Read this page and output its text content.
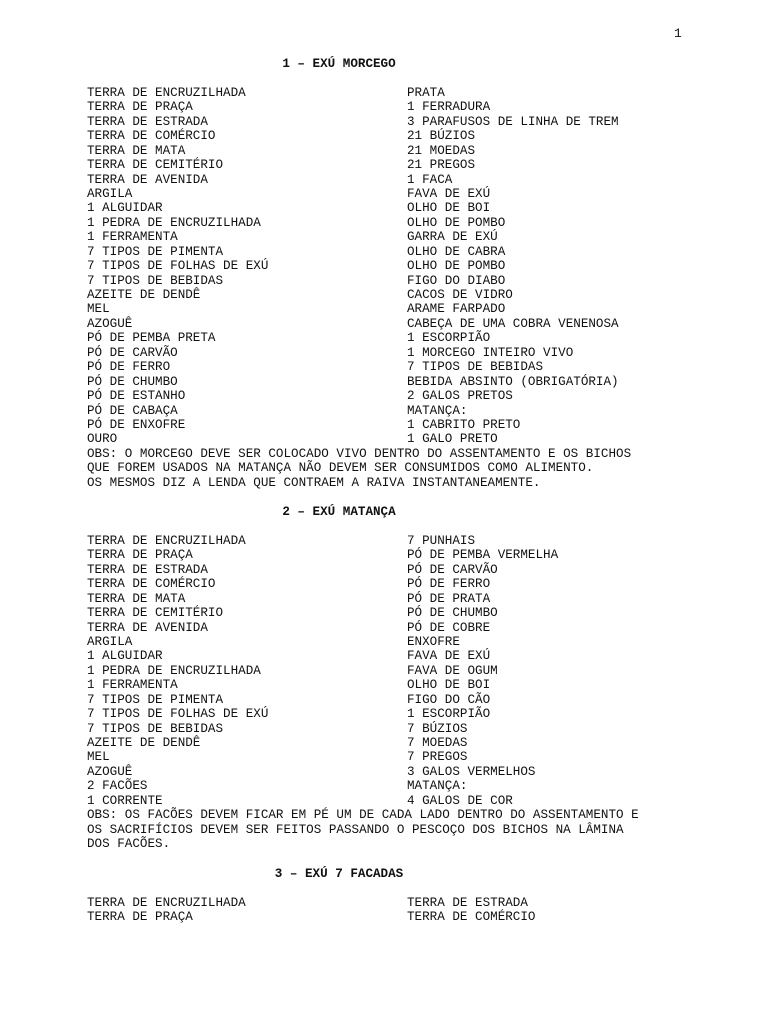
1
1 – EXÚ MORCEGO
TERRA DE ENCRUZILHADA
TERRA DE PRAÇA
TERRA DE ESTRADA
TERRA DE COMÉRCIO
TERRA DE MATA
TERRA DE CEMITÉRIO
TERRA DE AVENIDA
ARGILA
1 ALGUIDAR
1 PEDRA DE ENCRUZILHADA
1 FERRAMENTA
7 TIPOS DE PIMENTA
7 TIPOS DE FOLHAS DE EXÚ
7 TIPOS DE BEBIDAS
AZEITE DE DENDÊ
MEL
AZOGUÊ
PÓ DE PEMBA PRETA
PÓ DE CARVÃO
PÓ DE FERRO
PÓ DE CHUMBO
PÓ DE ESTANHO
PÓ DE CABAÇA
PÓ DE ENXOFRE
OURO
PRATA
1 FERRADURA
3 PARAFUSOS DE LINHA DE TREM
21 BÚZIOS
21 MOEDAS
21 PREGOS
1 FACA
FAVA DE EXÚ
OLHO DE BOI
OLHO DE POMBO
GARRA DE EXÚ
OLHO DE CABRA
OLHO DE POMBO
FIGO DO DIABO
CACOS DE VIDRO
ARAME FARPADO
CABEÇA DE UMA COBRA VENENOSA
1 ESCORPIÃO
1 MORCEGO INTEIRO VIVO
7 TIPOS DE BEBIDAS
BEBIDA ABSINTO (OBRIGATÓRIA)
2 GALOS PRETOS
MATANÇA:
1 CABRITO PRETO
1 GALO PRETO
OBS: O MORCEGO DEVE SER COLOCADO VIVO DENTRO DO ASSENTAMENTO E OS BICHOS
QUE FOREM USADOS NA MATANÇA NÃO DEVEM SER CONSUMIDOS COMO ALIMENTO.
OS MESMOS DIZ A LENDA QUE CONTRAEM A RAIVA INSTANTANEAMENTE.
2 – EXÚ MATANÇA
TERRA DE ENCRUZILHADA
TERRA DE PRAÇA
TERRA DE ESTRADA
TERRA DE COMÉRCIO
TERRA DE MATA
TERRA DE CEMITÉRIO
TERRA DE AVENIDA
ARGILA
1 ALGUIDAR
1 PEDRA DE ENCRUZILHADA
1 FERRAMENTA
7 TIPOS DE PIMENTA
7 TIPOS DE FOLHAS DE EXÚ
7 TIPOS DE BEBIDAS
AZEITE DE DENDÊ
MEL
AZOGUÊ
2 FACÕES
1 CORRENTE
7 PUNHAIS
PÓ DE PEMBA VERMELHA
PÓ DE CARVÃO
PÓ DE FERRO
PÓ DE PRATA
PÓ DE CHUMBO
PÓ DE COBRE
ENXOFRE
FAVA DE EXÚ
FAVA DE OGUM
OLHO DE BOI
FIGO DO CÃO
1 ESCORPIÃO
7 BÚZIOS
7 MOEDAS
7 PREGOS
3 GALOS VERMELHOS
MATANÇA:
4 GALOS DE COR
OBS: OS FACÕES DEVEM FICAR EM PÉ UM DE CADA LADO DENTRO DO ASSENTAMENTO E
OS SACRIFÍCIOS DEVEM SER FEITOS PASSANDO O PESCOÇO DOS BICHOS NA LÂMINA
DOS FACÕES.
3 – EXÚ 7 FACADAS
TERRA DE ENCRUZILHADA
TERRA DE PRAÇA
TERRA DE ESTRADA
TERRA DE COMÉRCIO
